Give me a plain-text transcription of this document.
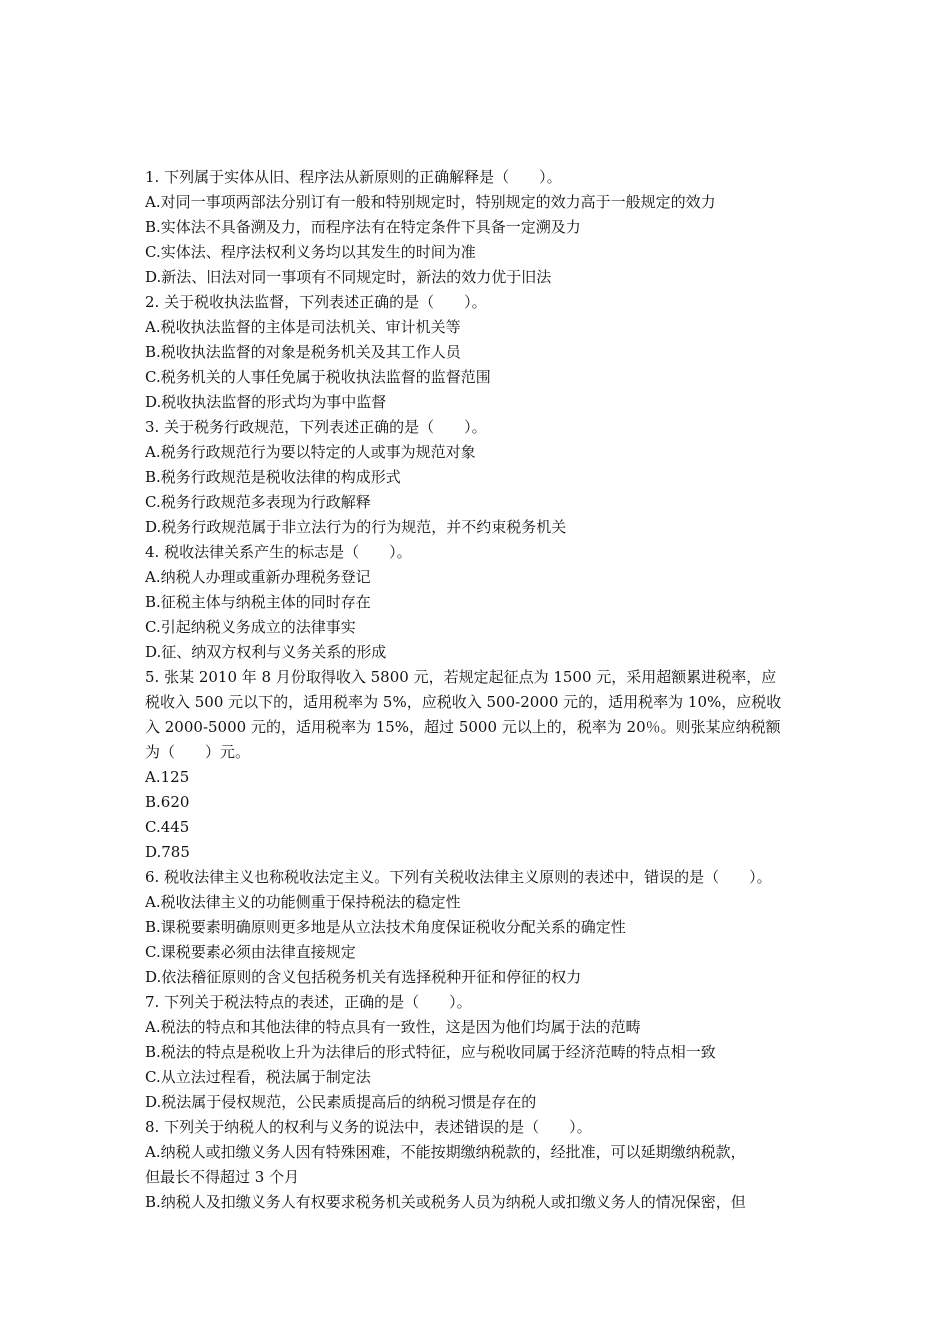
1. 下列属于实体从旧、程序法从新原则的正确解释是（　　）。
A.对同一事项两部法分别订有一般和特别规定时，特别规定的效力高于一般规定的效力
B.实体法不具备溯及力，而程序法有在特定条件下具备一定溯及力
C.实体法、程序法权利义务均以其发生的时间为准
D.新法、旧法对同一事项有不同规定时，新法的效力优于旧法
2. 关于税收执法监督，下列表述正确的是（　　）。
A.税收执法监督的主体是司法机关、审计机关等
B.税收执法监督的对象是税务机关及其工作人员
C.税务机关的人事任免属于税收执法监督的监督范围
D.税收执法监督的形式均为事中监督
3. 关于税务行政规范，下列表述正确的是（　　）。
A.税务行政规范行为要以特定的人或事为规范对象
B.税务行政规范是税收法律的构成形式
C.税务行政规范多表现为行政解释
D.税务行政规范属于非立法行为的行为规范，并不约束税务机关
4. 税收法律关系产生的标志是（　　）。
A.纳税人办理或重新办理税务登记
B.征税主体与纳税主体的同时存在
C.引起纳税义务成立的法律事实
D.征、纳双方权利与义务关系的形成
5. 张某 2010 年 8 月份取得收入 5800 元，若规定起征点为 1500 元，采用超额累进税率，应
税收入 500 元以下的，适用税率为 5%，应税收入 500-2000 元的，适用税率为 10%，应税收
入 2000-5000 元的，适用税率为 15%，超过 5000 元以上的，税率为 20％。则张某应纳税额
为（　　）元。
A.125
B.620
C.445
D.785
6. 税收法律主义也称税收法定主义。下列有关税收法律主义原则的表述中，错误的是（　　）。
A.税收法律主义的功能侧重于保持税法的稳定性
B.课税要素明确原则更多地是从立法技术角度保证税收分配关系的确定性
C.课税要素必须由法律直接规定
D.依法稽征原则的含义包括税务机关有选择税种开征和停征的权力
7. 下列关于税法特点的表述，正确的是（　　）。
A.税法的特点和其他法律的特点具有一致性，这是因为他们均属于法的范畴
B.税法的特点是税收上升为法律后的形式特征，应与税收同属于经济范畴的特点相一致
C.从立法过程看，税法属于制定法
D.税法属于侵权规范，公民素质提高后的纳税习惯是存在的
8. 下列关于纳税人的权利与义务的说法中，表述错误的是（　　）。
A.纳税人或扣缴义务人因有特殊困难，不能按期缴纳税款的，经批准，可以延期缴纳税款，
但最长不得超过 3 个月
B.纳税人及扣缴义务人有权要求税务机关或税务人员为纳税人或扣缴义务人的情况保密，但
